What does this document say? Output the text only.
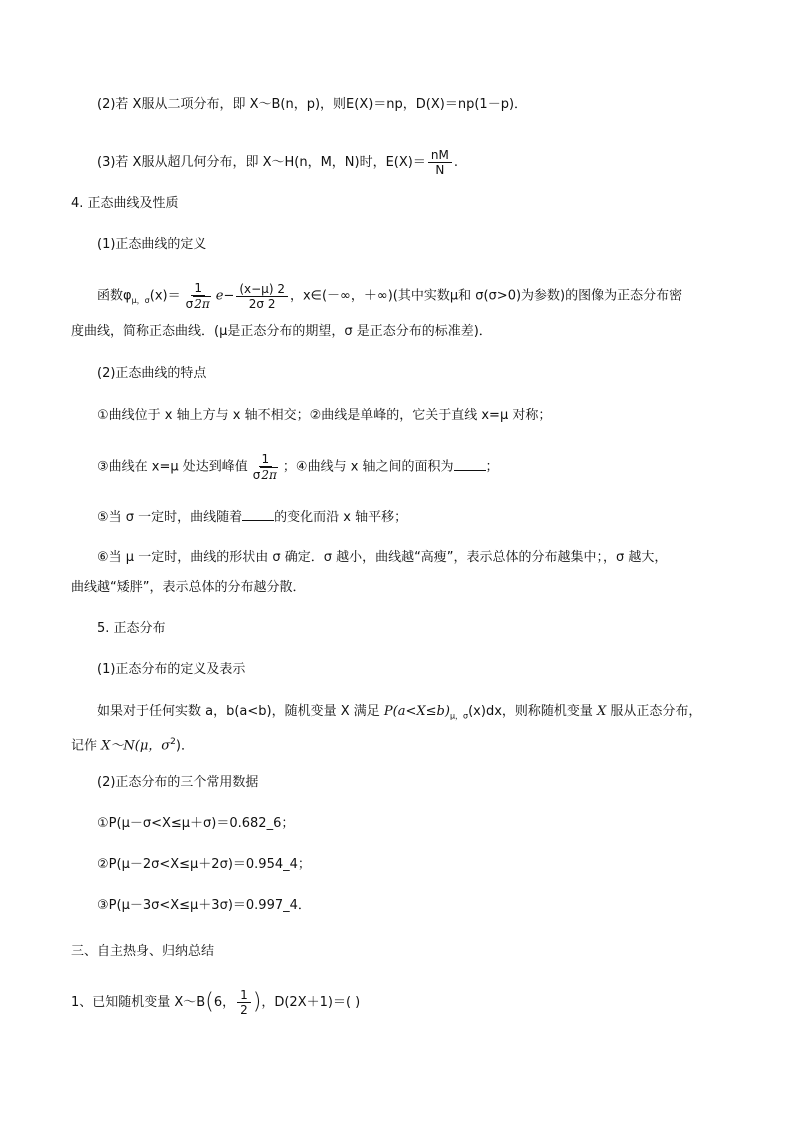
(2)若 X服从二项分布，即 X～B(n，p)，则E(X)＝np，D(X)＝np(1－p)．
(3)若 X服从超几何分布，即 X～H(n，M，N)时，$E(X)= \frac{nM}{N}$ .
4. 正态曲线及性质
(1)正态曲线的定义
函数$\varphi_{\mu,\sigma}(x)= \frac{1}{\sigma 2\pi} e- \frac{(x-\mu) 2}{2\sigma 2}$ ，x∈(－∞，＋∞)(其中实数μ和 σ(σ>0)为参数)的图像为正态分布密
度曲线，简称正态曲线．(μ是正态分布的期望，σ 是正态分布的标准差)．
(2)正态曲线的特点
①曲线位于 x 轴上方与 x 轴不相交；②曲线是单峰的，它关于直线 x=μ 对称；
③曲线在 x=μ 处达到峰值 $\frac{1}{\sigma 2\pi}$ ；④曲线与 x 轴之间的面积为 ；
⑤当 σ 一定时，曲线随着 的变化而沿 x 轴平移；
⑥当 μ 一定时，曲线的形状由 σ 确定．σ 越小，曲线越“高瘦”，表示总体的分布越集中；，σ 越大，
曲线越“矮胖”，表示总体的分布越分散．
5. 正态分布
(1)正态分布的定义及表示
如果对于任何实数 a，b(a<b)，随机变量 X 满足 $P(a<X\le b)_{\mu,\sigma}(x)dx$，则称随机变量 X 服从正态分布，
记作 X～N(μ，$\sigma^2$)．
(2)正态分布的三个常用数据
①P(μ－σ<X≤μ＋σ)＝0.682_6；
②P(μ－2σ<X≤μ＋2σ)＝0.954_4；
③P(μ－3σ<X≤μ＋3σ)＝0.997_4．
三、自主热身、归纳总结
1、已知随机变量 X～B(6， $\frac{1}{2}$ )，D(2X＋1)＝( )
